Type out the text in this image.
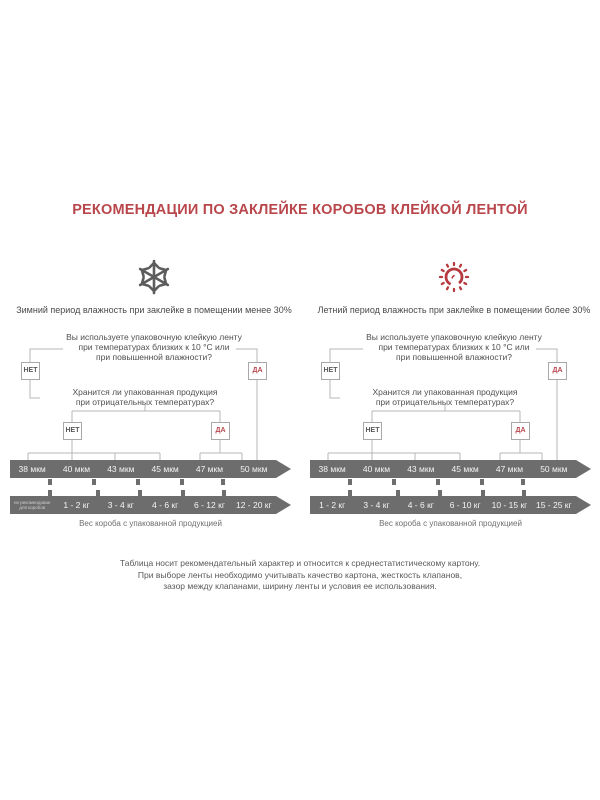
РЕКОМЕНДАЦИИ ПО ЗАКЛЕЙКЕ КОРОБОВ КЛЕЙКОЙ ЛЕНТОЙ
Зимний период влажность при заклейке в помещении менее 30%
Вы используете упаковочную клейкую ленту
при температурах близких к 10 °С или
при повышенной влажности?
НЕТ	ДА
Хранится ли упакованная продукция
при отрицательных температурах?
НЕТ	ДА
38 мкм	40 мкм	43 мкм	45 мкм	47 мкм	50 мкм
не рекомендован
для коробов	1 - 2 кг	3 - 4 кг	4 - 6 кг	6 - 12 кг	12 - 20 кг
Вес короба с упакованной продукцией
Летний период влажность при заклейке в помещении более 30%
Вы используете упаковочную клейкую ленту
при температурах близких к 10 °С или
при повышенной влажности?
НЕТ	ДА
Хранится ли упакованная продукция
при отрицательных температурах?
НЕТ	ДА
38 мкм	40 мкм	43 мкм	45 мкм	47 мкм	50 мкм
1 - 2 кг	3 - 4 кг	4 - 6 кг	6 - 10 кг	10 - 15 кг	15 - 25 кг
Вес короба с упакованной продукцией
Таблица носит рекомендательный характер и относится к среднестатистическому картону.
При выборе ленты необходимо учитывать качество картона, жесткость клапанов,
зазор между клапанами, ширину ленты и условия ее использования.
